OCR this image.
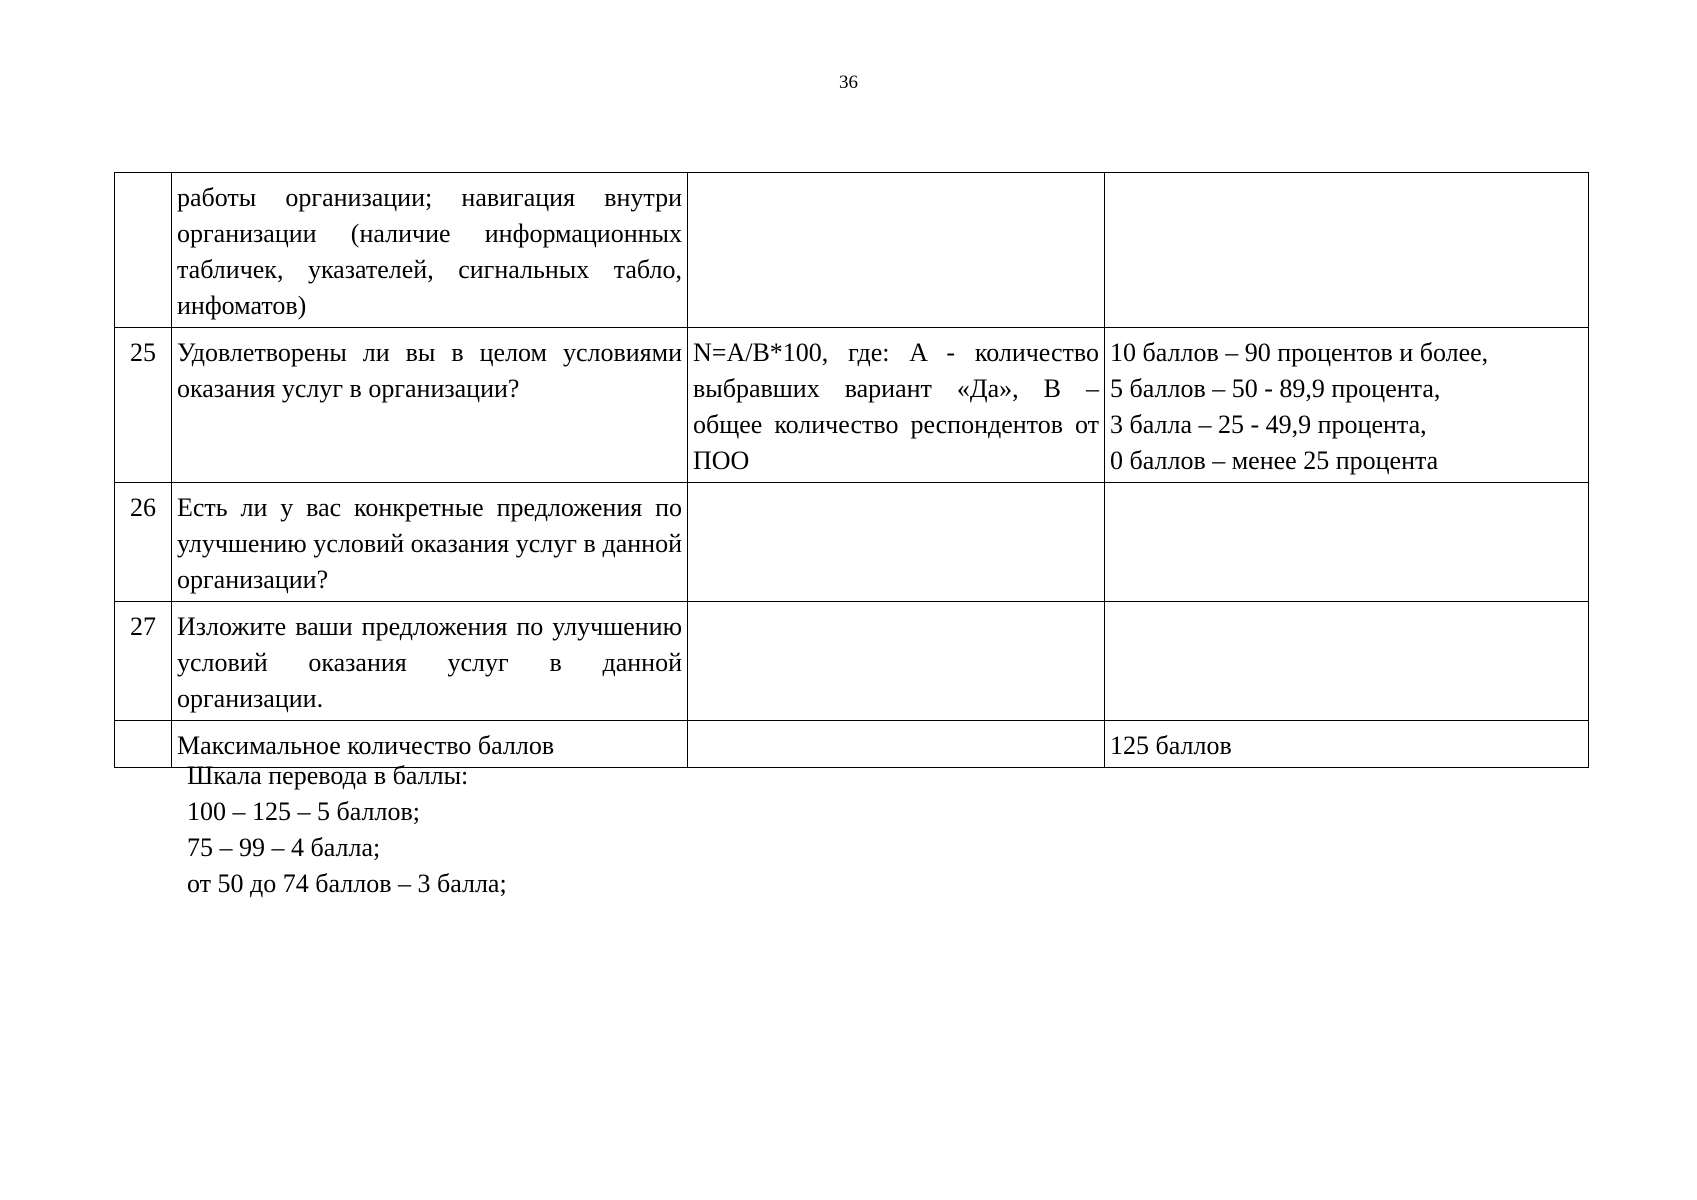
36
	работы организации; навигация внутри организации (наличие информационных табличек, указателей, сигнальных табло, инфоматов)		
25	Удовлетворены ли вы в целом условиями оказания услуг в организации?	N=A/B*100, где: A - количество выбравших вариант «Да», B – общее количество респондентов от ПОО	10 баллов – 90 процентов и более,
5 баллов – 50 - 89,9 процента,
3 балла – 25 - 49,9 процента,
0 баллов – менее 25 процента

26	Есть ли у вас конкретные предложения по улучшению условий оказания услуг в данной организации?		
27	Изложите ваши предложения по улучшению условий оказания услуг в данной организации.		
	Максимальное количество баллов		125 баллов
Шкала перевода в баллы:
100 – 125 – 5 баллов;
75 – 99 – 4 балла;
от 50 до 74 баллов – 3 балла;
